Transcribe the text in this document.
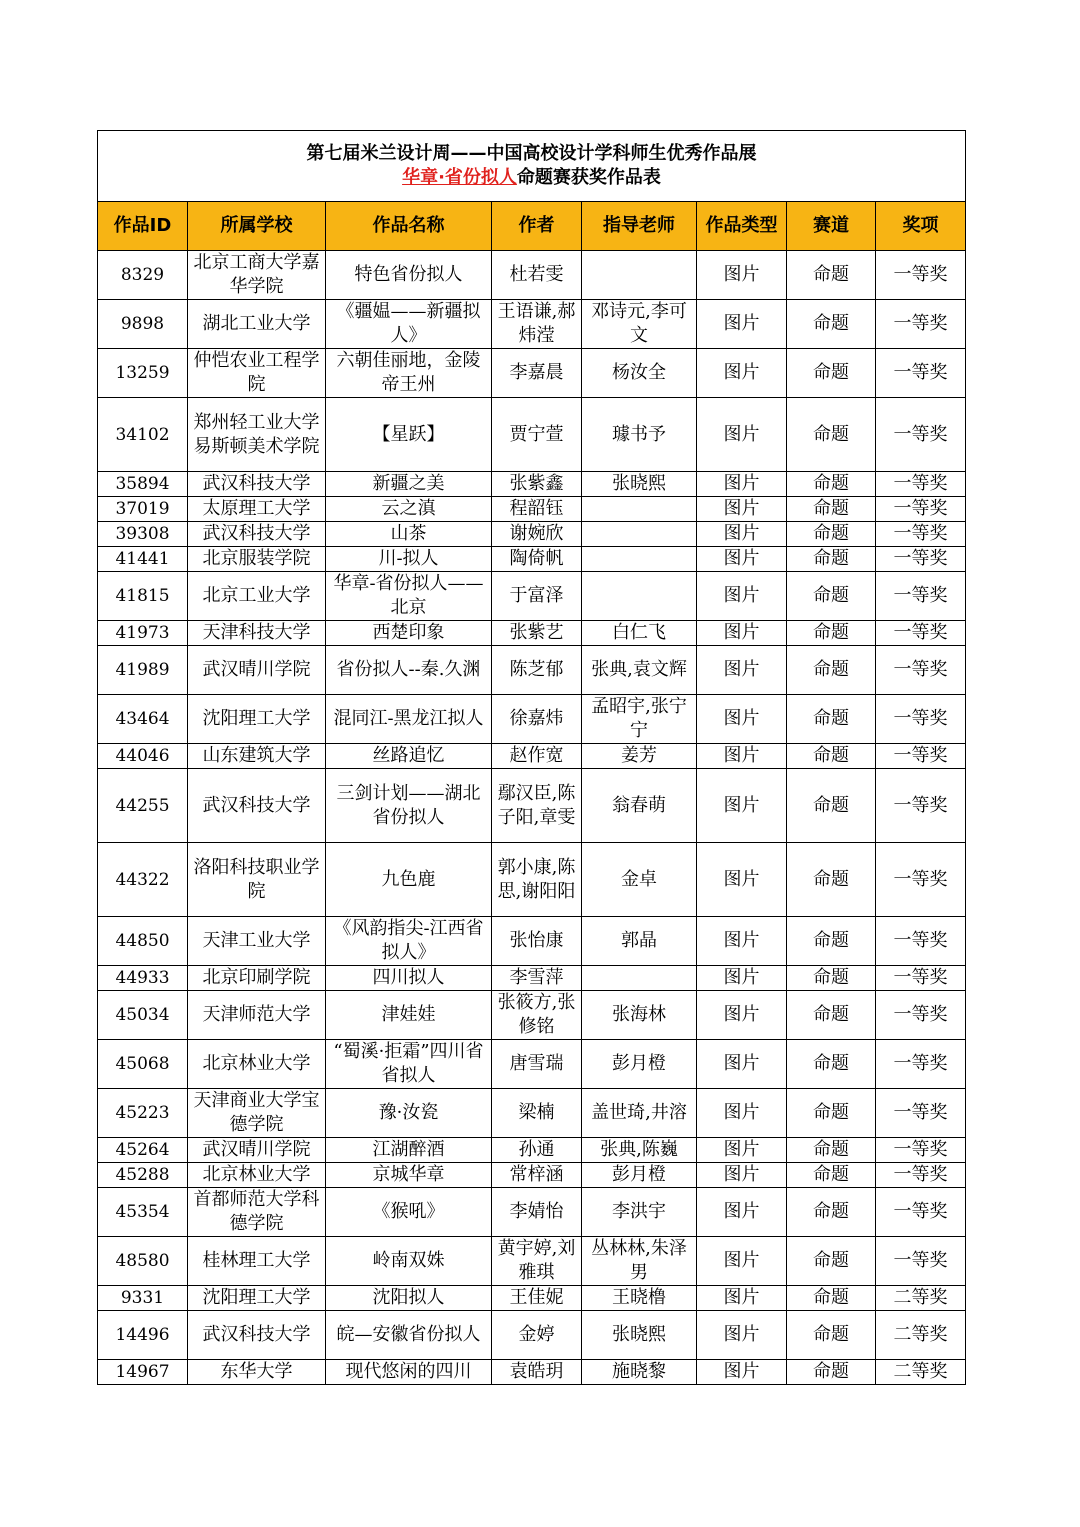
第七届米兰设计周——中国高校设计学科师生优秀作品展
华章·省份拟人命题赛获奖作品表							

作品ID	所属学校	作品名称	作者	指导老师	作品类型	赛道	奖项
8329	北京工商大学嘉华学院	特色省份拟人	杜若雯		图片	命题	一等奖
9898	湖北工业大学	《疆媪——新疆拟人》	王语谦,郝炜滢	邓诗元,李可文	图片	命题	一等奖
13259	仲恺农业工程学院	六朝佳丽地，金陵帝王州	李嘉晨	杨汝全	图片	命题	一等奖
34102	郑州轻工业大学易斯顿美术学院	【星跃】	贾宁萱	璩书予	图片	命题	一等奖
35894	武汉科技大学	新疆之美	张紫鑫	张晓熙	图片	命题	一等奖
37019	太原理工大学	云之滇	程韶钰		图片	命题	一等奖
39308	武汉科技大学	山茶	谢婉欣		图片	命题	一等奖
41441	北京服装学院	川-拟人	陶倚帆		图片	命题	一等奖
41815	北京工业大学	华章-省份拟人——北京	于富泽		图片	命题	一等奖
41973	天津科技大学	西楚印象	张紫艺	白仁飞	图片	命题	一等奖
41989	武汉晴川学院	省份拟人--秦.久渊	陈芝郁	张典,袁文辉	图片	命题	一等奖
43464	沈阳理工大学	混同江-黑龙江拟人	徐嘉炜	孟昭宇,张宁宁	图片	命题	一等奖
44046	山东建筑大学	丝路追忆	赵作宽	姜芳	图片	命题	一等奖
44255	武汉科技大学	三剑计划——湖北省份拟人	鄢汉臣,陈子阳,章雯	翁春萌	图片	命题	一等奖
44322	洛阳科技职业学院	九色鹿	郭小康,陈思,谢阳阳	金卓	图片	命题	一等奖
44850	天津工业大学	《风韵指尖-江西省拟人》	张怡康	郭晶	图片	命题	一等奖
44933	北京印刷学院	四川拟人	李雪萍		图片	命题	一等奖
45034	天津师范大学	津娃娃	张筱方,张修铭	张海林	图片	命题	一等奖
45068	北京林业大学	“蜀溪·拒霜”四川省省拟人	唐雪瑞	彭月橙	图片	命题	一等奖
45223	天津商业大学宝德学院	豫·汝瓷	梁楠	盖世琦,井溶	图片	命题	一等奖
45264	武汉晴川学院	江湖醉酒	孙通	张典,陈巍	图片	命题	一等奖
45288	北京林业大学	京城华章	常梓涵	彭月橙	图片	命题	一等奖
45354	首都师范大学科德学院	《猴吼》	李婧怡	李洪宇	图片	命题	一等奖
48580	桂林理工大学	岭南双姝	黄宇婷,刘雅琪	丛林林,朱泽男	图片	命题	一等奖
9331	沈阳理工大学	沈阳拟人	王佳妮	王晓橹	图片	命题	二等奖
14496	武汉科技大学	皖—安徽省份拟人	金婷	张晓熙	图片	命题	二等奖
14967	东华大学	现代悠闲的四川	袁皓玥	施晓黎	图片	命题	二等奖
